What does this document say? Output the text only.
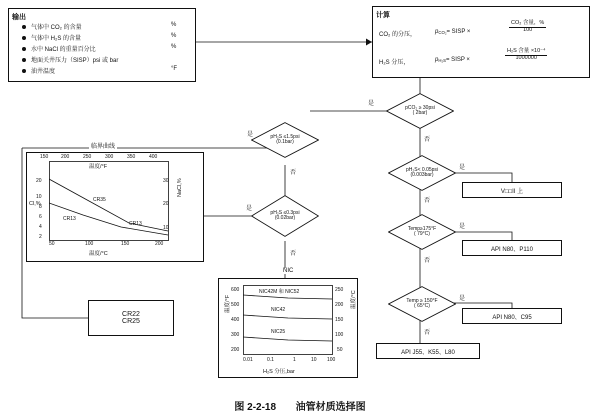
输出
气体中 CO₂ 的含量	%
气体中 H₂S 的含量	%
水中 NaCl 的重量百分比	%
地面关井压力（SISP）psi 或 bar
油井温度	°F
计算
CO₂ 的分压，	$p_{CO_2}=$ SISP ×
CO₂ 含量，%
100
H₂S 分压，	$p_{H_2S}=$ SISP ×
H₂S 含量 ×10⁻⁴
1000000
pCO₂ ≥ 30psi
( 2bar)
是
否
pH₂S ≤1.5psi
(0.1bar)
是
否
pH₂S ≤0.3psi
(0.02bar)
是
否
pH₂S< 0.05psi
(0.003bar)
是
否
Temp≥175°F
( 79°C)
是
否
Temp ≥ 150°F
( 65°C)
是
否
CR22
CR25
V□□II 上
API N80、P110
API N80、C95
API J55、K55、L80
临界曲线
温度/°F
Cl,%
NaCl,%
温度/°C
150	200	250	300	350	400
20
10
8
6
4
2
30
20
10
50	100	150	200
CR35
CR13
CR13
NIC
温度/°F	温度/°C
H₂S 分压,bar
600
500
400
300
200
250
200
150
100
50
0.01	0.1	1	10 100
NIC42M 和 NIC52
NIC42
NIC25
图 2-2-18 油管材质选择图
